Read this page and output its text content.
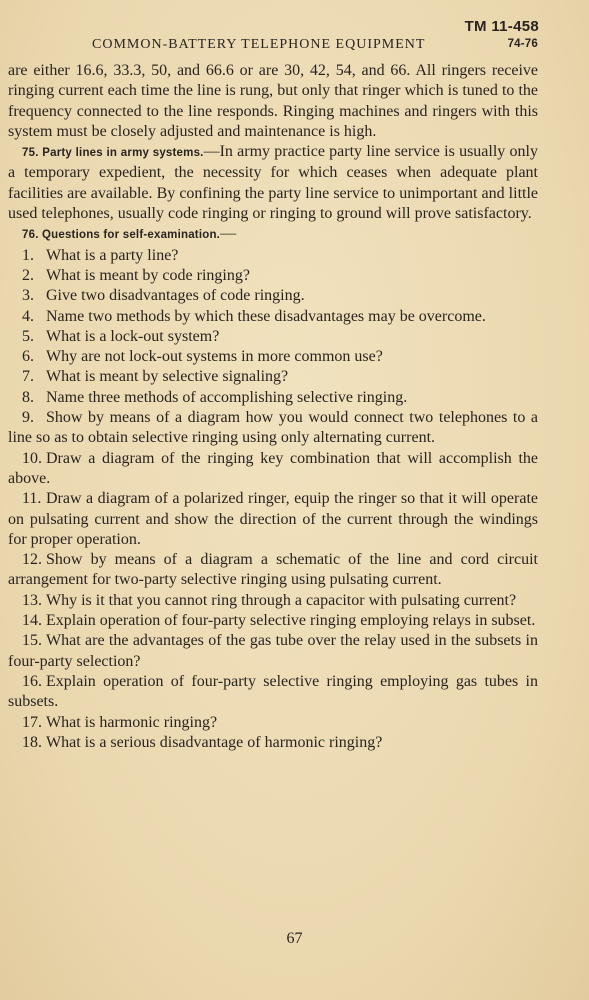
TM 11-458
COMMON-BATTERY TELEPHONE EQUIPMENT	74-76

are either 16.6, 33.3, 50, and 66.6 or are 30, 42, 54, and 66. All ringers receive ringing current each time the line is rung, but only that ringer which is tuned to the frequency connected to the line responds. Ringing machines and ringers with this system must be closely adjusted and maintenance is high.

75. Party lines in army systems.—In army practice party line service is usually only a temporary expedient, the necessity for which ceases when adequate plant facilities are available. By confining the party line service to unimportant and little used telephones, usually code ringing or ringing to ground will prove satisfactory.

76. Questions for self-examination.—

1. What is a party line?
2. What is meant by code ringing?
3. Give two disadvantages of code ringing.
4. Name two methods by which these disadvantages may be overcome.
5. What is a lock-out system?
6. Why are not lock-out systems in more common use?
7. What is meant by selective signaling?
8. Name three methods of accomplishing selective ringing.
9. Show by means of a diagram how you would connect two telephones to a line so as to obtain selective ringing using only alternating current.
10. Draw a diagram of the ringing key combination that will accomplish the above.
11. Draw a diagram of a polarized ringer, equip the ringer so that it will operate on pulsating current and show the direction of the current through the windings for proper operation.
12. Show by means of a diagram a schematic of the line and cord circuit arrangement for two-party selective ringing using pulsating current.
13. Why is it that you cannot ring through a capacitor with pulsating current?
14. Explain operation of four-party selective ringing employing relays in subset.
15. What are the advantages of the gas tube over the relay used in the subsets in four-party selection?
16. Explain operation of four-party selective ringing employing gas tubes in subsets.
17. What is harmonic ringing?
18. What is a serious disadvantage of harmonic ringing?
67
